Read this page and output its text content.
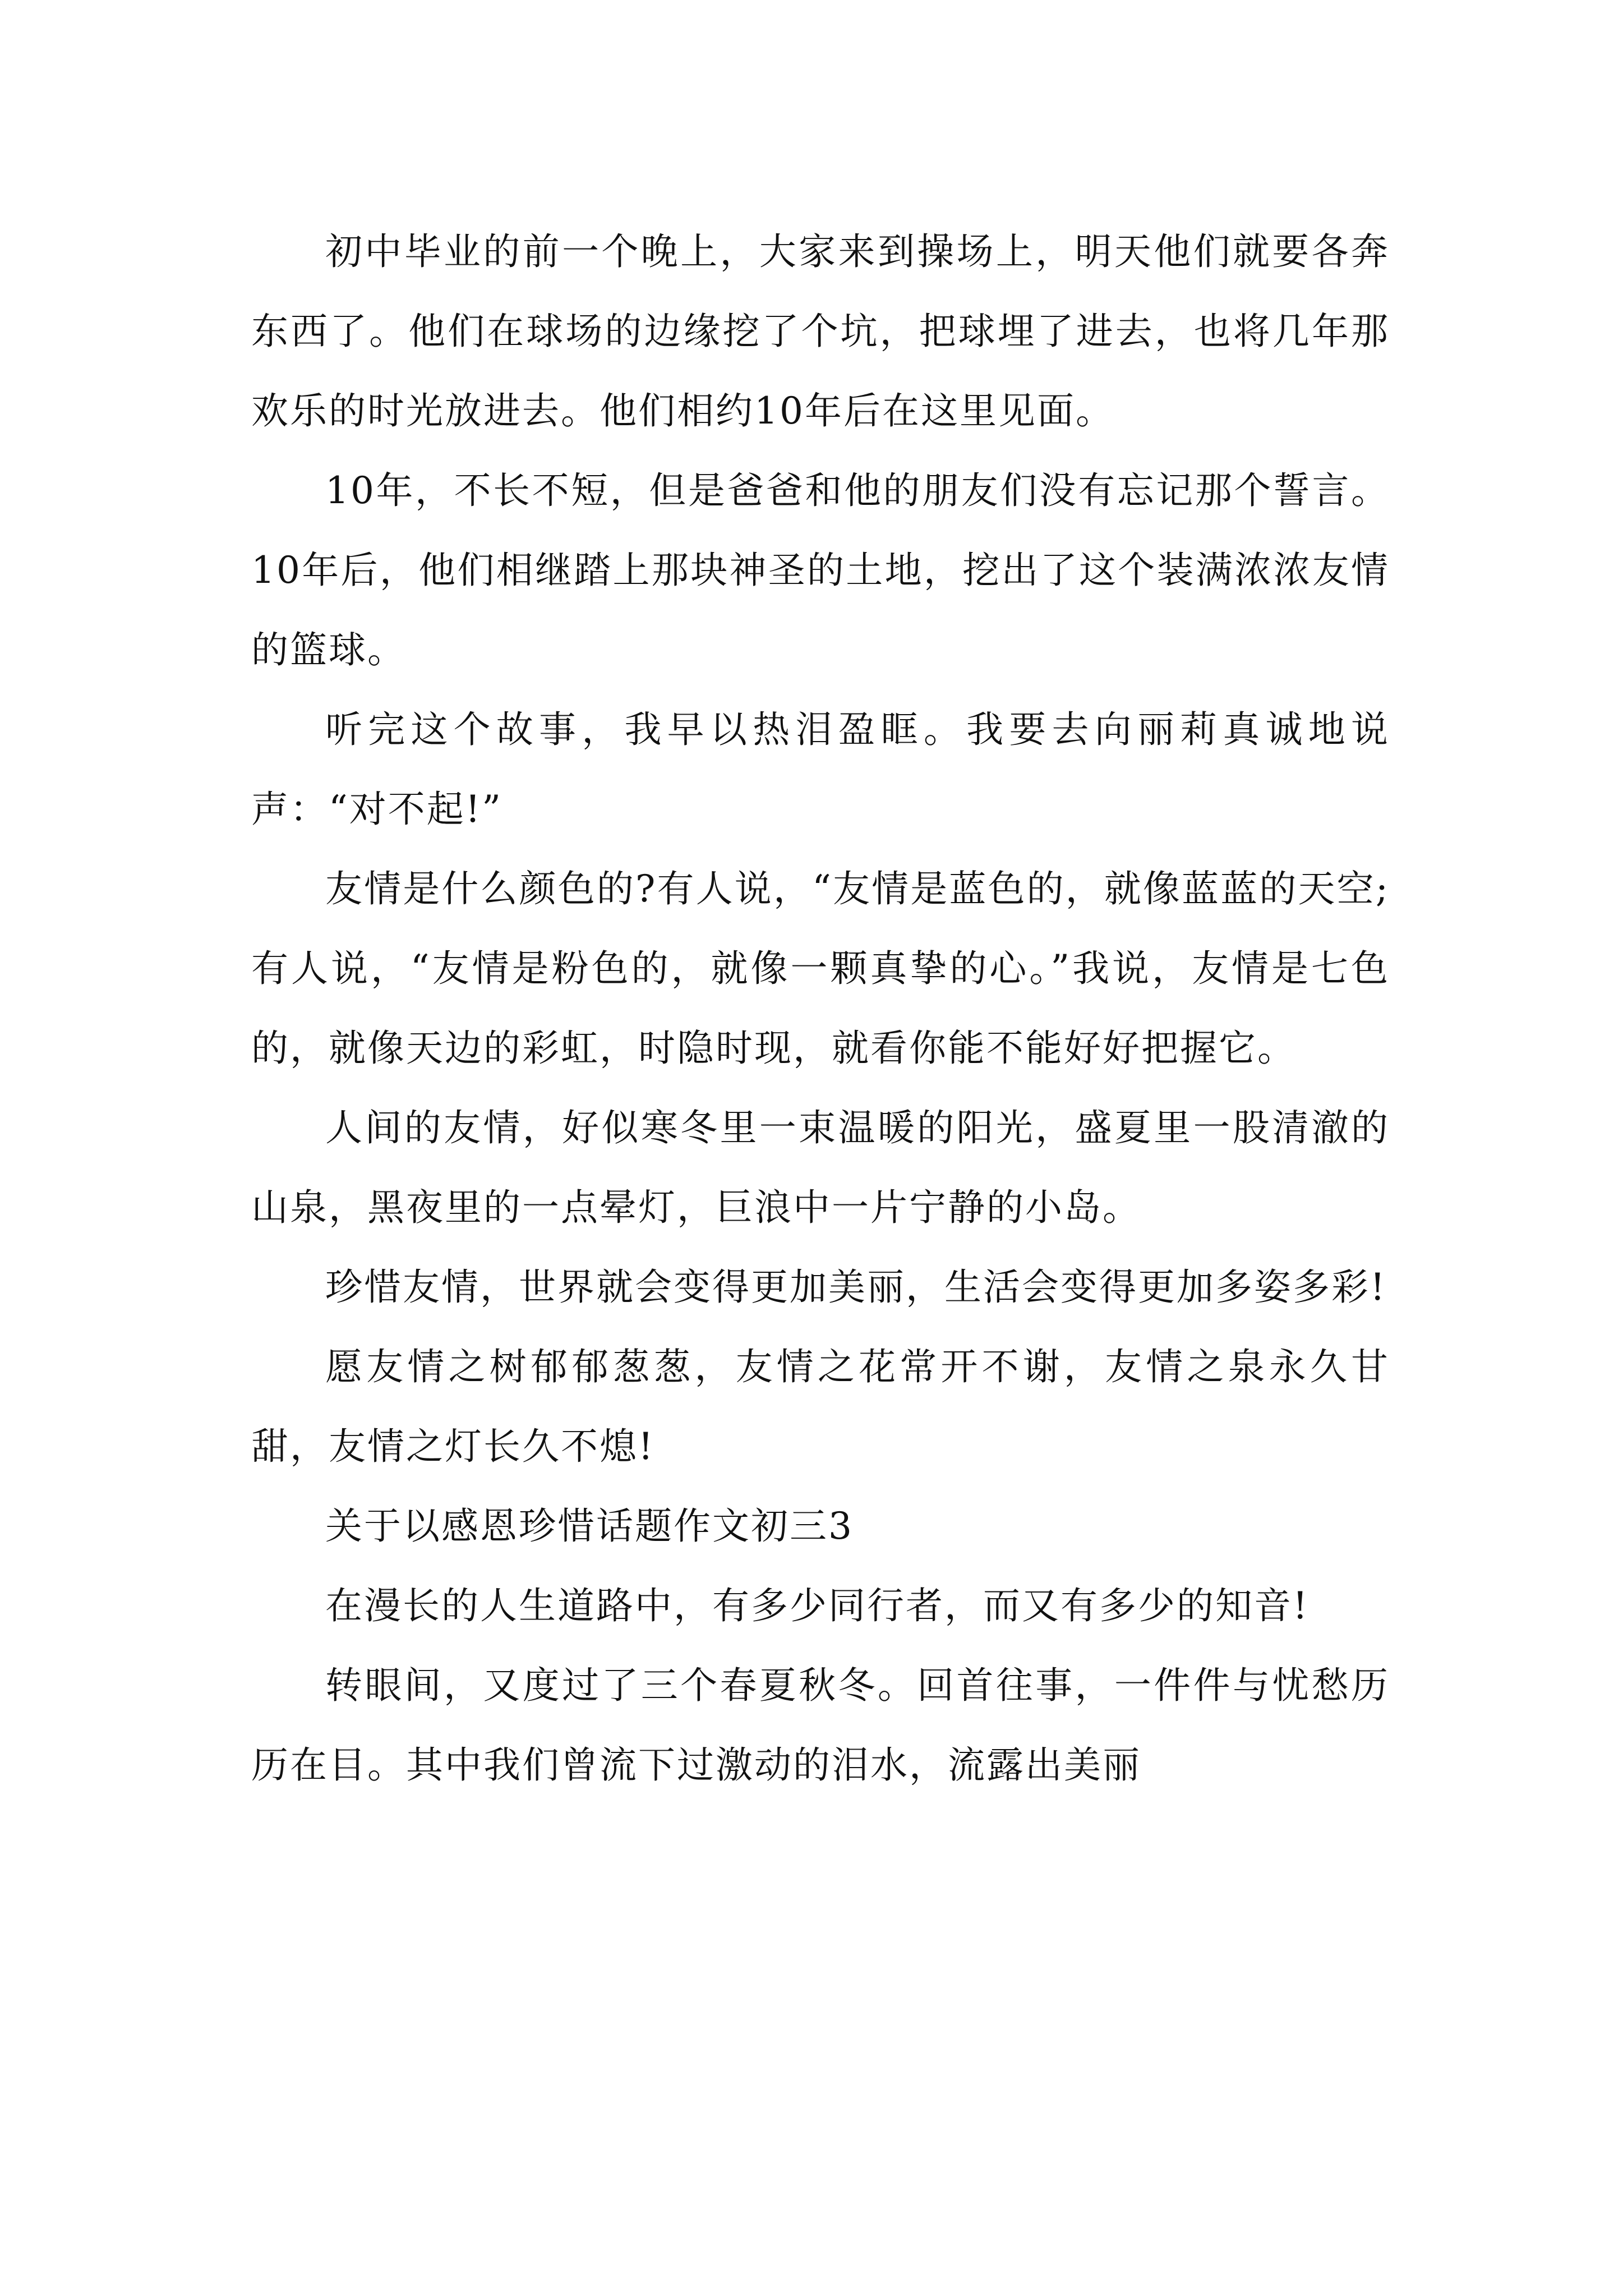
初中毕业的前一个晚上，大家来到操场上，明天他们就要各奔东西了。他们在球场的边缘挖了个坑，把球埋了进去，也将几年那欢乐的时光放进去。他们相约10年后在这里见面。

10年，不长不短，但是爸爸和他的朋友们没有忘记那个誓言。10年后，他们相继踏上那块神圣的土地，挖出了这个装满浓浓友情的篮球。

听完这个故事，我早以热泪盈眶。我要去向丽莉真诚地说声：“对不起!”

友情是什么颜色的?有人说，“友情是蓝色的，就像蓝蓝的天空;有人说，“友情是粉色的，就像一颗真挚的心。”我说，友情是七色的，就像天边的彩虹，时隐时现，就看你能不能好好把握它。

人间的友情，好似寒冬里一束温暖的阳光，盛夏里一股清澈的山泉，黑夜里的一点晕灯，巨浪中一片宁静的小岛。

珍惜友情，世界就会变得更加美丽，生活会变得更加多姿多彩!

愿友情之树郁郁葱葱，友情之花常开不谢，友情之泉永久甘甜，友情之灯长久不熄!

关于以感恩珍惜话题作文初三3

在漫长的人生道路中，有多少同行者，而又有多少的知音!

转眼间，又度过了三个春夏秋冬。回首往事，一件件与忧愁历历在目。其中我们曾流下过激动的泪水，流露出美丽
